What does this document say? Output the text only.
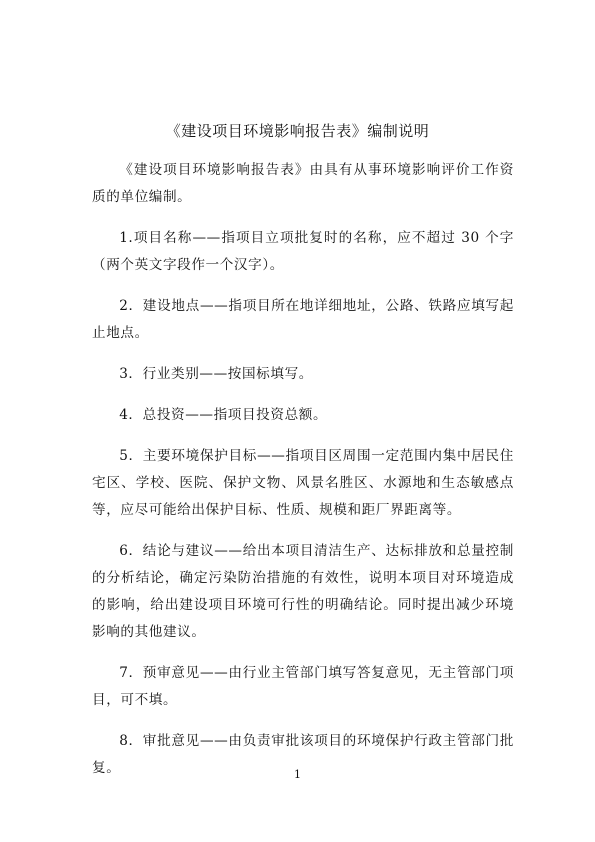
《建设项目环境影响报告表》编制说明

《建设项目环境影响报告表》由具有从事环境影响评价工作资质的单位编制。

1.项目名称——指项目立项批复时的名称，应不超过 30 个字（两个英文字段作一个汉字）。

2．建设地点——指项目所在地详细地址，公路、铁路应填写起止地点。

3．行业类别——按国标填写。

4．总投资——指项目投资总额。

5．主要环境保护目标——指项目区周围一定范围内集中居民住宅区、学校、医院、保护文物、风景名胜区、水源地和生态敏感点等，应尽可能给出保护目标、性质、规模和距厂界距离等。

6．结论与建议——给出本项目清洁生产、达标排放和总量控制的分析结论，确定污染防治措施的有效性，说明本项目对环境造成的影响，给出建设项目环境可行性的明确结论。同时提出减少环境影响的其他建议。

7．预审意见——由行业主管部门填写答复意见，无主管部门项目，可不填。

8．审批意见——由负责审批该项目的环境保护行政主管部门批复。	1
